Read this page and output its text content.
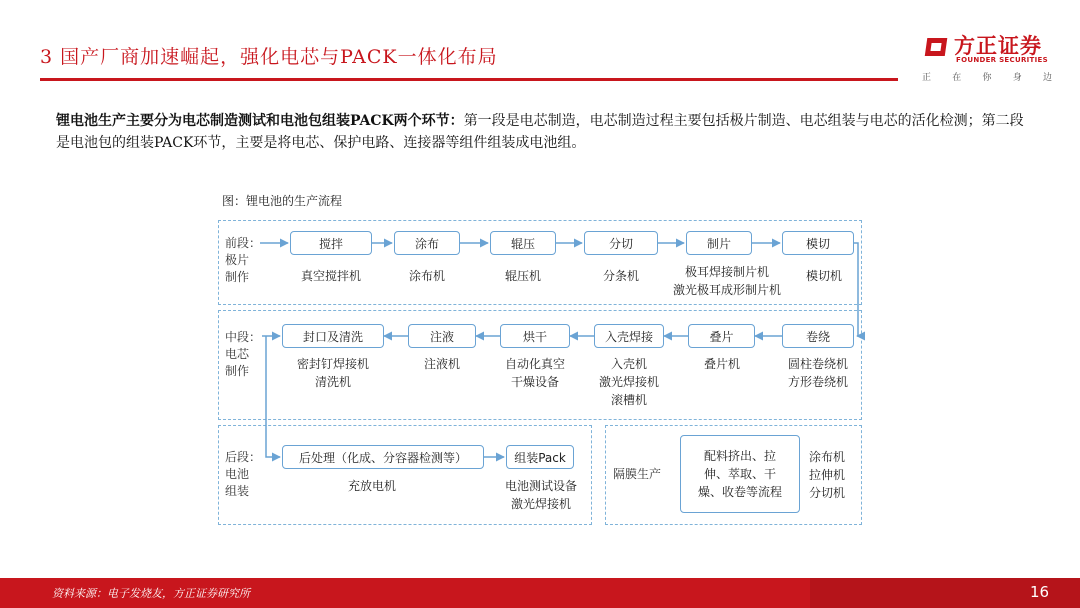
3 国产厂商加速崛起，强化电芯与PACK一体化布局	方正证券
FOUNDER SECURITIES
正 在 你 身 边

锂电池生产主要分为电芯制造测试和电池包组装PACK两个环节：第一段是电芯制造，电芯制造过程主要包括极片制造、电芯组装与电芯的活化检测；第二段是电池包的组装PACK环节，主要是将电芯、保护电路、连接器等组件组装成电池组。

图：锂电池的生产流程
前段：
极片
制作
中段：
电芯
制作
后段：
电池
组装
搅拌	涂布	辊压	分切	制片	模切
真空搅拌机	涂布机	辊压机	分条机	极耳焊接制片机
激光极耳成形制片机
模切机
封口及清洗	注液	烘干	入壳焊接	叠片	卷绕
密封钉焊接机
清洗机
注液机	自动化真空
干燥设备
入壳机
激光焊接机
滚槽机
叠片机	圆柱卷绕机
方形卷绕机
后处理（化成、分容器检测等）	组装Pack
充放电机	电池测试设备
激光焊接机
隔膜生产
配料挤出、拉
伸、萃取、干
燥、收卷等流程
涂布机
拉伸机
分切机
资料来源：电子发烧友，方正证券研究所	16
